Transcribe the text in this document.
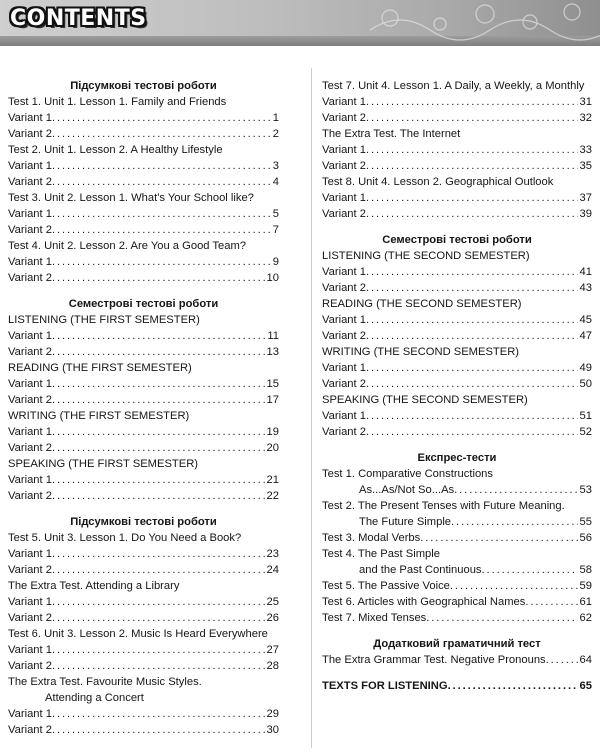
CONTENTS
Підсумкові тестові роботи
Test 1. Unit 1. Lesson 1. Family and Friends
Variant 1 . . .	1
Variant 2 . . .	2
Test 2. Unit 1. Lesson 2. A Healthy Lifestyle
Variant 1 . . .	3
Variant 2 . . .	4
Test 3. Unit 2. Lesson 1. What's Your School like?
Variant 1 . . .	5
Variant 2 . . .	7
Test 4. Unit 2. Lesson 2. Are You a Good Team?
Variant 1 . . .	9
Variant 2 . . .	10
Семестрові тестові роботи
LISTENING (THE FIRST SEMESTER)
Variant 1 . . .	11
Variant 2 . . .	13
READING (THE FIRST SEMESTER)
Variant 1 . . .	15
Variant 2 . . .	17
WRITING (THE FIRST SEMESTER)
Variant 1 . . .	19
Variant 2 . . .	20
SPEAKING (THE FIRST SEMESTER)
Variant 1 . . .	21
Variant 2 . . .	22
Підсумкові тестові роботи
Test 5. Unit 3. Lesson 1. Do You Need a Book?
Variant 1 . . .	23
Variant 2 . . .	24
The Extra Test. Attending a Library
Variant 1 . . .	25
Variant 2 . . .	26
Test 6. Unit 3. Lesson 2. Music Is Heard Everywhere
Variant 1 . . .	27
Variant 2 . . .	28
The Extra Test. Favourite Music Styles.
Attending a Concert
Variant 1 . . .	29
Variant 2 . . .	30
Test 7. Unit 4. Lesson 1. A Daily, a Weekly, a Monthly
Variant 1 . . .	31
Variant 2 . . .	32
The Extra Test. The Internet
Variant 1 . . .	33
Variant 2 . . .	35
Test 8. Unit 4. Lesson 2. Geographical Outlook
Variant 1 . . .	37
Variant 2 . . .	39
Семестрові тестові роботи
LISTENING (THE SECOND SEMESTER)
Variant 1 . . .	41
Variant 2 . . .	43
READING (THE SECOND SEMESTER)
Variant 1 . . .	45
Variant 2 . . .	47
WRITING (THE SECOND SEMESTER)
Variant 1 . . .	49
Variant 2 . . .	50
SPEAKING (THE SECOND SEMESTER)
Variant 1 . . .	51
Variant 2 . . .	52
Експрес-тести
Test 1. Comparative Constructions
As...As/Not So...As . . .	53
Test 2. The Present Tenses with Future Meaning.
The Future Simple . . .	55
Test 3. Modal Verbs . . .	56
Test 4. The Past Simple
and the Past Continuous . . .	58
Test 5. The Passive Voice . . .	59
Test 6. Articles with Geographical Names . . .	61
Test 7. Mixed Tenses . . .	62
Додатковий граматичний тест
The Extra Grammar Test. Negative Pronouns . . .	64
TEXTS FOR LISTENING . . .	65
